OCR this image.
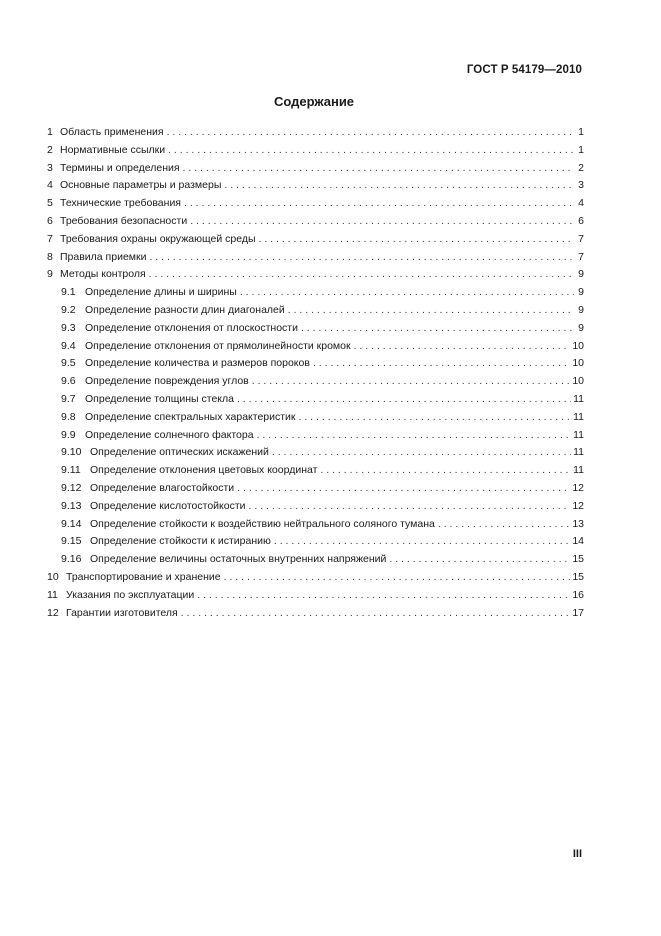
ГОСТ Р 54179—2010
Содержание
1 Область применения . . .	1
2 Нормативные ссылки . . .	1
3 Термины и определения . . .	2
4 Основные параметры и размеры . . .	3
5 Технические требования . . .	4
6 Требования безопасности . . .	6
7 Требования охраны окружающей среды . . .	7
8 Правила приемки . . .	7
9 Методы контроля . . .	9
9.1 Определение длины и ширины . . .	9
9.2 Определение разности длин диагоналей . . .	9
9.3 Определение отклонения от плоскостности . . .	9
9.4 Определение отклонения от прямолинейности кромок . . .	10
9.5 Определение количества и размеров пороков . . .	10
9.6 Определение повреждения углов . . .	10
9.7 Определение толщины стекла . . .	11
9.8 Определение спектральных характеристик . . .	11
9.9 Определение солнечного фактора . . .	11
9.10 Определение оптических искажений . . .	11
9.11 Определение отклонения цветовых координат . . .	11
9.12 Определение влагостойкости . . .	12
9.13 Определение кислотостойкости . . .	12
9.14 Определение стойкости к воздействию нейтрального соляного тумана . . .	13
9.15 Определение стойкости к истиранию . . .	14
9.16 Определение величины остаточных внутренних напряжений . . .	15
10 Транспортирование и хранение . . .	15
11 Указания по эксплуатации . . .	16
12 Гарантии изготовителя . . .	17
III
